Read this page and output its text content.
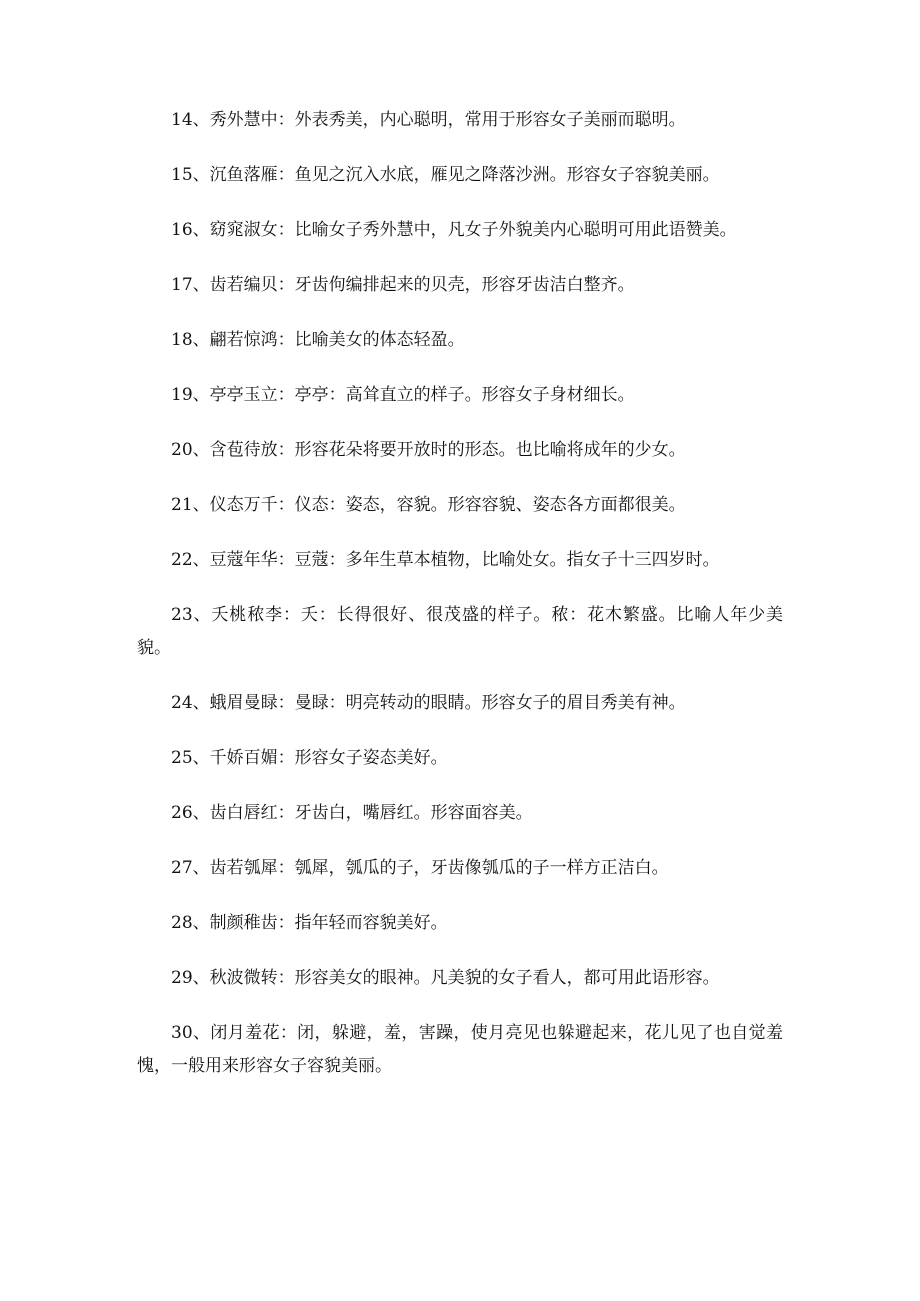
14、秀外慧中：外表秀美，内心聪明，常用于形容女子美丽而聪明。

15、沉鱼落雁：鱼见之沉入水底，雁见之降落沙洲。形容女子容貌美丽。

16、窈窕淑女：比喻女子秀外慧中，凡女子外貌美内心聪明可用此语赞美。

17、齿若编贝：牙齿佝编排起来的贝壳，形容牙齿洁白整齐。

18、翩若惊鸿：比喻美女的体态轻盈。

19、亭亭玉立：亭亭：高耸直立的样子。形容女子身材细长。

20、含苞待放：形容花朵将要开放时的形态。也比喻将成年的少女。

21、仪态万千：仪态：姿态，容貌。形容容貌、姿态各方面都很美。

22、豆蔻年华：豆蔻：多年生草本植物，比喻处女。指女子十三四岁时。

23、夭桃秾李：夭：长得很好、很茂盛的样子。秾：花木繁盛。比喻人年少美貌。

24、蛾眉曼睩：曼睩：明亮转动的眼睛。形容女子的眉目秀美有神。

25、千娇百媚：形容女子姿态美好。

26、齿白唇红：牙齿白，嘴唇红。形容面容美。

27、齿若瓠犀：瓠犀，瓠瓜的子，牙齿像瓠瓜的子一样方正洁白。

28、制颜稚齿：指年轻而容貌美好。

29、秋波微转：形容美女的眼神。凡美貌的女子看人，都可用此语形容。

30、闭月羞花：闭，躲避，羞，害躁，使月亮见也躲避起来，花儿见了也自觉羞愧，一般用来形容女子容貌美丽。
